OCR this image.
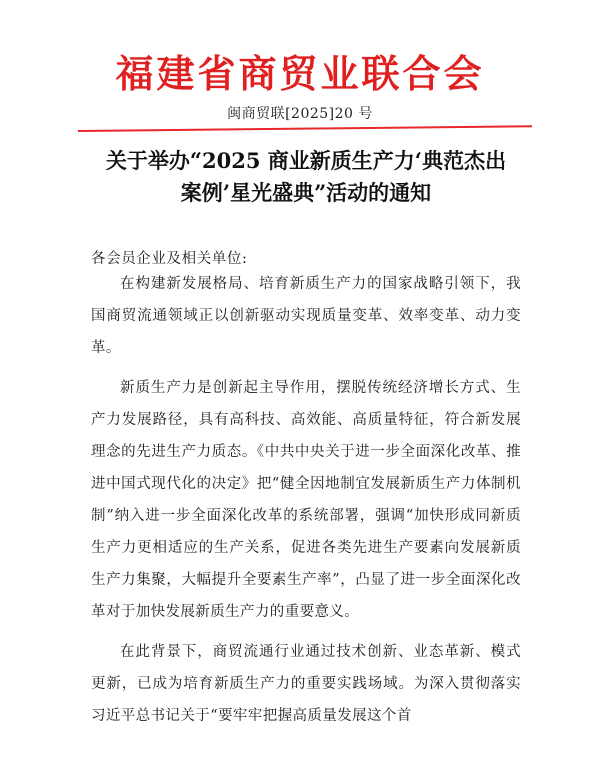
福建省商贸业联合会
闽商贸联[2025]20 号
关于举办“2025 商业新质生产力‘典范杰出案例’星光盛典”活动的通知
各会员企业及相关单位:

在构建新发展格局、培育新质生产力的国家战略引领下，我国商贸流通领域正以创新驱动实现质量变革、效率变革、动力变革。

新质生产力是创新起主导作用，摆脱传统经济增长方式、生产力发展路径，具有高科技、高效能、高质量特征，符合新发展理念的先进生产力质态。《中共中央关于进一步全面深化改革、推进中国式现代化的决定》把“健全因地制宜发展新质生产力体制机制”纳入进一步全面深化改革的系统部署，强调“加快形成同新质生产力更相适应的生产关系，促进各类先进生产要素向发展新质生产力集聚，大幅提升全要素生产率”，凸显了进一步全面深化改革对于加快发展新质生产力的重要意义。

在此背景下，商贸流通行业通过技术创新、业态革新、模式更新，已成为培育新质生产力的重要实践场域。为深入贯彻落实习近平总书记关于“要牢牢把握高质量发展这个首
